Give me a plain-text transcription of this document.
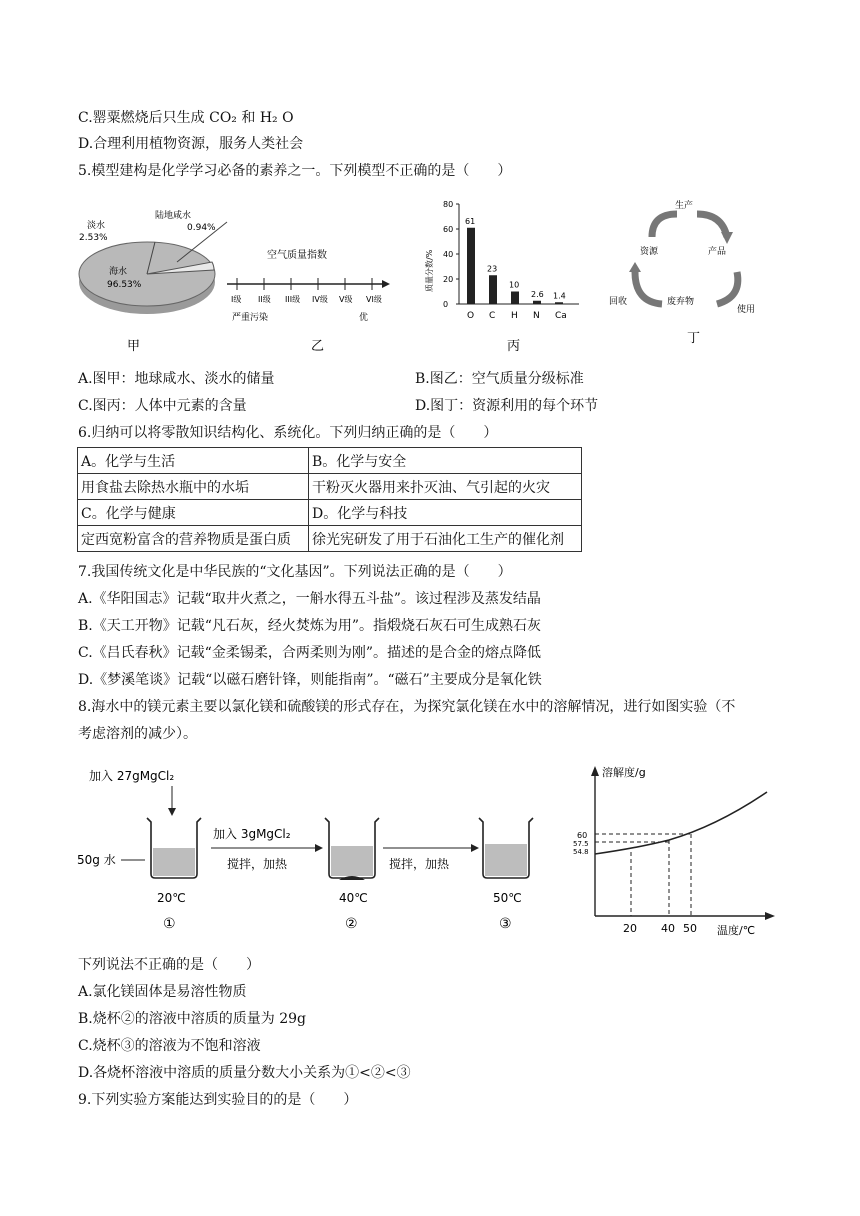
C.罂粟燃烧后只生成 CO₂ 和 H₂ O
D.合理利用植物资源，服务人类社会
5.模型建构是化学学习必备的素养之一。下列模型不正确的是（　　）
淡水
2.53%
陆地咸水
0.94%
海水
96.53%
甲
空气质量指数
I级 II级 III级 IV级 V级 VI级
严重污染	优
乙
质量分数/%
丙
0
20
40
60
80
61
O
23
C
10
H
2.6
N
1.4
Ca
生产
资源	产品
废弃物
回收
使用
丁
A.图甲：地球咸水、淡水的储量	B.图乙：空气质量分级标准
C.图丙：人体中元素的含量	D.图丁：资源利用的每个环节
6.归纳可以将零散知识结构化、系统化。下列归纳正确的是（　　）
A。化学与生活	B。化学与安全
用食盐去除热水瓶中的水垢	干粉灭火器用来扑灭油、气引起的火灾
C。化学与健康	D。化学与科技
定西宽粉富含的营养物质是蛋白质	徐光宪研发了用于石油化工生产的催化剂
7.我国传统文化是中华民族的“文化基因”。下列说法正确的是（　　）
A.《华阳国志》记载“取井火煮之，一斛水得五斗盐”。该过程涉及蒸发结晶
B.《天工开物》记载“凡石灰，经火焚炼为用”。指煅烧石灰石可生成熟石灰
C.《吕氏春秋》记载“金柔锡柔，合两柔则为刚”。描述的是合金的熔点降低
D.《梦溪笔谈》记载“以磁石磨针锋，则能指南”。“磁石”主要成分是氧化铁
8.海水中的镁元素主要以氯化镁和硫酸镁的形式存在，为探究氯化镁在水中的溶解情况，进行如图实验（不
考虑溶剂的减少）。
加入 27gMgCl₂
50g 水
20℃
①
加入 3gMgCl₂
搅拌，加热
40℃
②
搅拌，加热
50℃
③
溶解度/g
温度/℃
60
57.5
54.8
20 40 50
下列说法不正确的是（　　）
A.氯化镁固体是易溶性物质
B.烧杯②的溶液中溶质的质量为 29g
C.烧杯③的溶液为不饱和溶液
D.各烧杯溶液中溶质的质量分数大小关系为①<②<③
9.下列实验方案能达到实验目的的是（　　）
